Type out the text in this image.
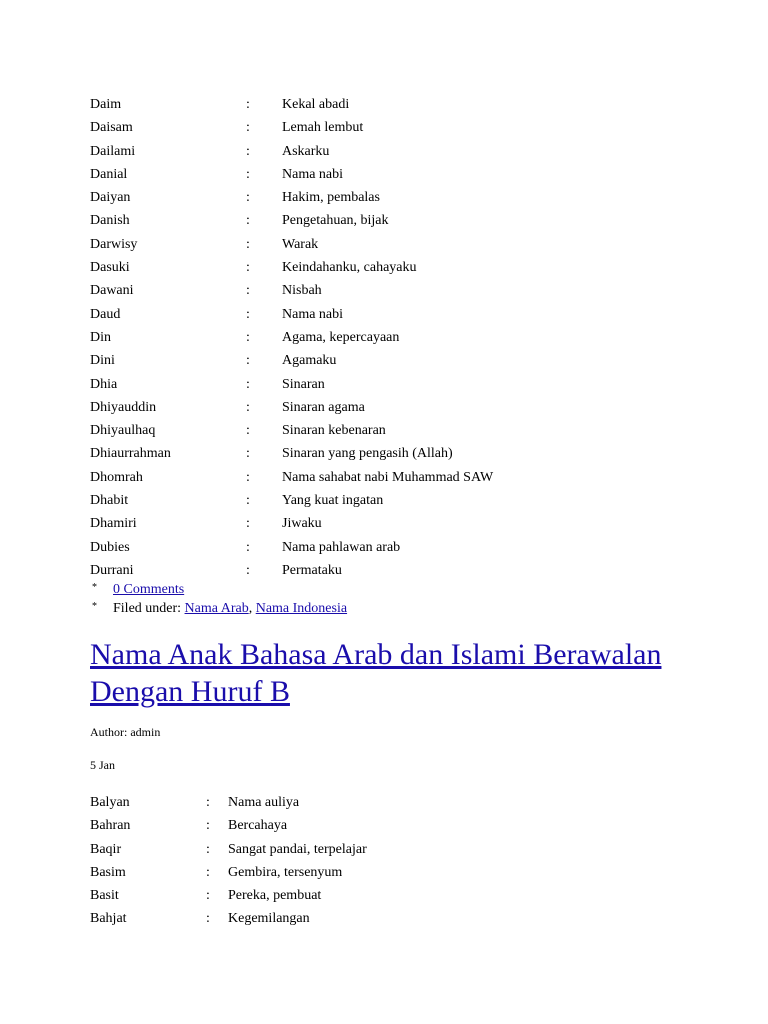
Daim	: Kekal abadi
Daisam	: Lemah lembut
Dailami	: Askarku
Danial	: Nama nabi
Daiyan	: Hakim, pembalas
Danish	: Pengetahuan, bijak
Darwisy	: Warak
Dasuki	: Keindahanku, cahayaku
Dawani	: Nisbah
Daud	: Nama nabi
Din	: Agama, kepercayaan
Dini	: Agamaku
Dhia	: Sinaran
Dhiyauddin	: Sinaran agama
Dhiyaulhaq	: Sinaran kebenaran
Dhiaurrahman	: Sinaran yang pengasih (Allah)
Dhomrah	: Nama sahabat nabi Muhammad SAW
Dhabit	: Yang kuat ingatan
Dhamiri	: Jiwaku
Dubies	: Nama pahlawan arab
Durrani	: Permataku
* 0 Comments
* Filed under: Nama Arab, Nama Indonesia
Nama Anak Bahasa Arab dan Islami Berawalan Dengan Huruf B
Author: admin
5 Jan
Balyan	: Nama auliya
Bahran	: Bercahaya
Baqir	: Sangat pandai, terpelajar
Basim	: Gembira, tersenyum
Basit	: Pereka, pembuat
Bahjat	: Kegemilangan
